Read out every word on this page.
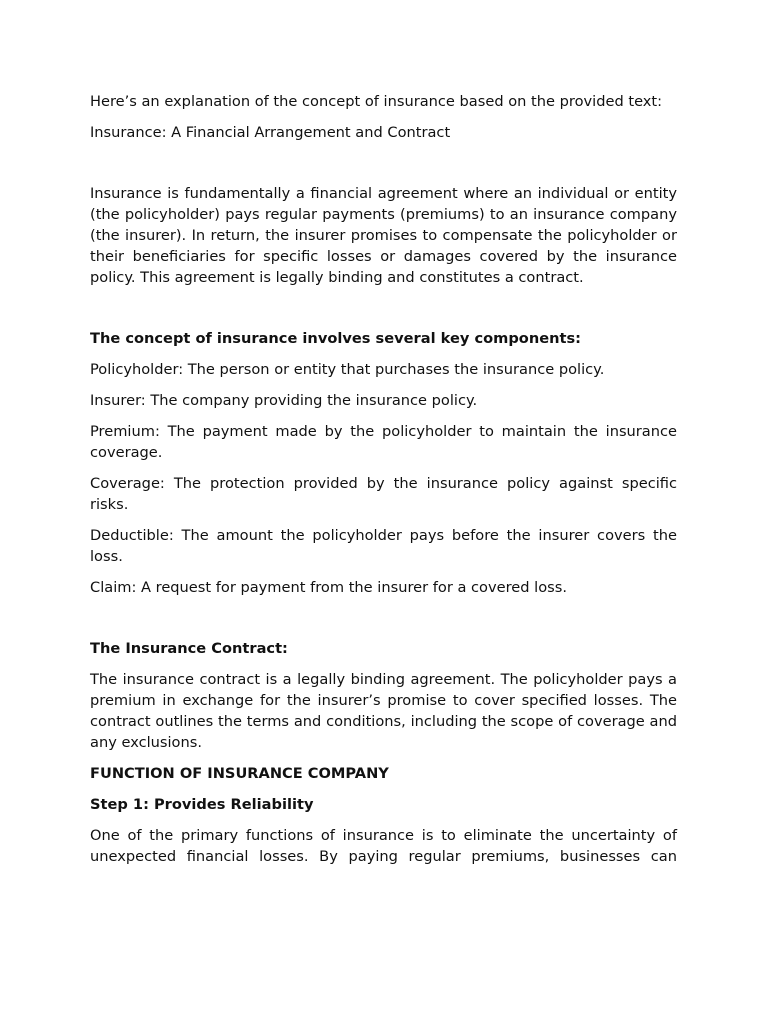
Here’s an explanation of the concept of insurance based on the provided text:

Insurance: A Financial Arrangement and Contract

Insurance is fundamentally a financial agreement where an individual or entity (the policyholder) pays regular payments (premiums) to an insurance company (the insurer). In return, the insurer promises to compensate the policyholder or their beneficiaries for specific losses or damages covered by the insurance policy. This agreement is legally binding and constitutes a contract.

The concept of insurance involves several key components:

Policyholder: The person or entity that purchases the insurance policy.

Insurer: The company providing the insurance policy.

Premium: The payment made by the policyholder to maintain the insurance coverage.

Coverage: The protection provided by the insurance policy against specific risks.

Deductible: The amount the policyholder pays before the insurer covers the loss.

Claim: A request for payment from the insurer for a covered loss.

The Insurance Contract:

The insurance contract is a legally binding agreement. The policyholder pays a premium in exchange for the insurer’s promise to cover specified losses. The contract outlines the terms and conditions, including the scope of coverage and any exclusions.

FUNCTION OF INSURANCE COMPANY

Step 1: Provides Reliability

One of the primary functions of insurance is to eliminate the uncertainty of unexpected financial losses. By paying regular premiums, businesses can
